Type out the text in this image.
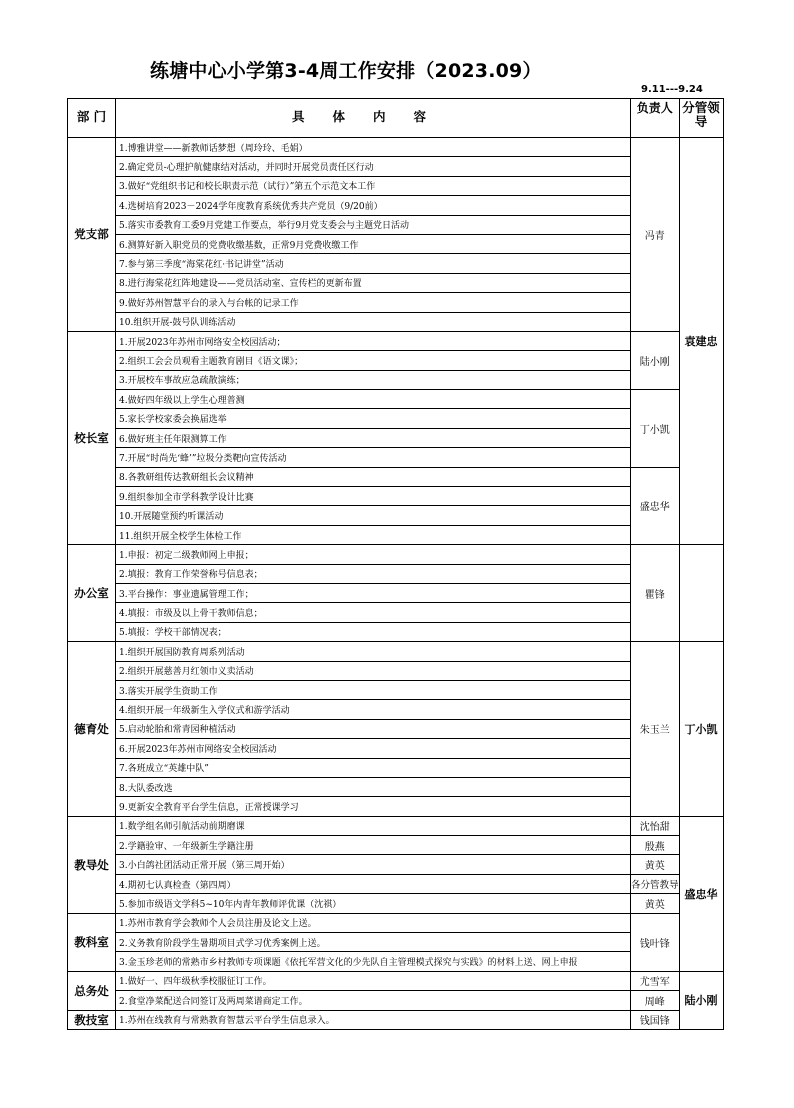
练塘中心小学第3-4周工作安排（2023.09）
9.11---9.24
部 门	具体内容	负责人	分管领导
党支部	1.博雅讲堂——新教师话梦想（周玲玲、毛娟）	冯青	袁建忠
	2.确定党员-心理护航健康结对活动，并同时开展党员责任区行动		
	3.做好“党组织书记和校长职责示范（试行）”第五个示范文本工作		
	4.选树培育2023－2024学年度教育系统优秀共产党员（9/20前）		
	5.落实市委教育工委9月党建工作要点，举行9月党支委会与主题党日活动		
	6.测算好新入职党员的党费收缴基数，正常9月党费收缴工作		
	7.参与第三季度“海棠花红·书记讲堂”活动		
	8.进行海棠花红阵地建设——党员活动室、宣传栏的更新布置		
	9.做好苏州智慧平台的录入与台帐的记录工作		
	10.组织开展-鼓号队训练活动		
校长室	1.开展2023年苏州市网络安全校园活动；	陆小刚	
	2.组织工会会员观看主题教育剧目《语文课》；		
	3.开展校车事故应急疏散演练；		
	4.做好四年级以上学生心理普测	丁小凯	
	5.家长学校家委会换届选举		
	6.做好班主任年限测算工作		
	7.开展“时尚先‘蜂’”垃圾分类靶向宣传活动		
	8.各教研组传达教研组长会议精神	盛忠华	
	9.组织参加全市学科教学设计比赛		
	10.开展随堂预约听课活动		
	11.组织开展全校学生体检工作		
办公室	1.申报：初定二级教师网上申报；	瞿锋	
	2.填报：教育工作荣誉称号信息表；		
	3.平台操作：事业遗属管理工作；		
	4.填报：市级及以上骨干教师信息；		
	5.填报：学校干部情况表；		
德育处	1.组织开展国防教育周系列活动	朱玉兰	丁小凯
	2.组织开展慈善月红领巾义卖活动		
	3.落实开展学生资助工作		
	4.组织开展一年级新生入学仪式和游学活动		
	5.启动轮胎和常青园种植活动		
	6.开展2023年苏州市网络安全校园活动		
	7.各班成立“英雄中队”		
	8.大队委改选		
	9.更新安全教育平台学生信息，正常授课学习		
教导处	1.数学组名师引航活动前期磨课	沈怡甜	盛忠华
	2.学籍验审、一年级新生学籍注册	殷燕	
	3.小白鸽社团活动正常开展（第三周开始）	黄英	
	4.期初七认真检查（第四周）	各分管教导	
	5.参加市级语文学科5~10年内青年教师评优课（沈祺）	黄英	
教科室	1.苏州市教育学会教师个人会员注册及论文上送。	钱叶锋	
	2.义务教育阶段学生暑期项目式学习优秀案例上送。		
	3.金玉珍老师的常熟市乡村教师专项课题《依托军营文化的少先队自主管理模式探究与实践》的材料上送、网上申报		
总务处	1.做好一、四年级秋季校服征订工作。	尤雪军	陆小刚
	2.食堂净菜配送合同签订及两周菜谱商定工作。	周峰	
教技室	1.苏州在线教育与常熟教育智慧云平台学生信息录入。	钱国锋	
